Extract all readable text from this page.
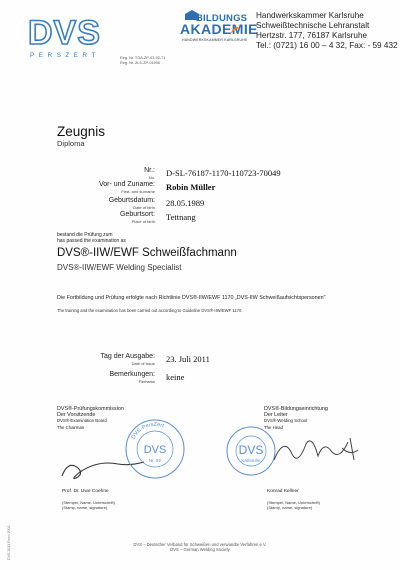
DVS
PERSZERT	Reg. Nr. TGA-ZP-03-92-71
Reg. Nr. ZLS-ZP-01996
BILDUNGS
AKADEMIE
HANDWERKSKAMMER KARLSRUHE
Handwerkskammer Karlsruhe
Schweißtechnische Lehranstalt
Hertzstr. 177, 76187 Karlsruhe
Tel.: (0721) 16 00 – 4 32, Fax: - 59 432
Zeugnis
Diploma
Nr.:
No. D-SL-76187-1170-110723-70049
Vor- und Zuname:
First- and surname Robin Müller
Geburtsdatum:
Date of birth 28.05.1989
Geburtsort:
Place of birth Tettnang
bestand die Prüfung zum
has passed the examination as
DVS®-IIW/EWF Schweißfachmann
DVS®-IIW/EWF Welding Specialist
Die Fortbildung und Prüfung erfolgte nach Richtlinie DVS®-IIW/EWF 1170 „DVS-IIW Schweißaufsichtspersonen"
The training and the examination has been carried out according to Guideline DVS®-IIW/EWF 1170.
Tag der Ausgabe:
Date of issue 23. Juli 2011
Bemerkungen:
Remarks keine
DVS®-Prüfungskommission
Der Vorsitzende
DVS®-Examination Board
The Chairman
Prof. Dr. Uwe Coehne
(Stempel, Name, Unterschrift)
(Stamp, name, signature)
DVS-PersZert
DVS
Nr. 92
DVS®-Bildungseinrichtung
Der Leiter
DVS®-Welding School
The Head
DVS
Karlsruhe
Konrad Kellner
(Stempel, Name, Unterschrift)
(Stamp, name, signature)
DVS 2011 Form 2002	DVS – Deutscher Verband für Schweißen und verwandte Verfahren e.V.
DVS – German Welding Society
